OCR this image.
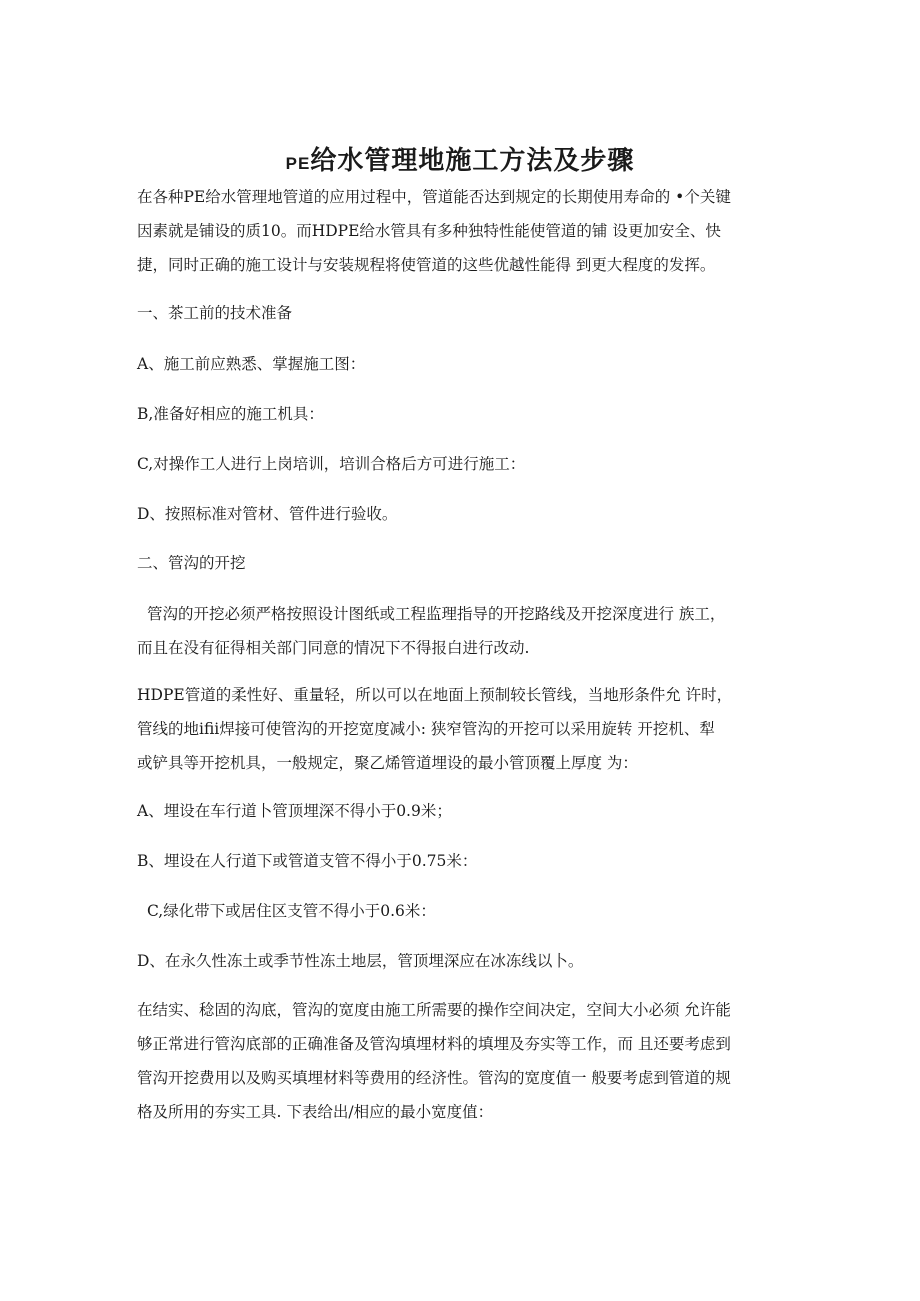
PE给水管理地施工方法及步骤

在各种PE给水管理地管道的应用过程中，管道能否达到规定的长期使用寿命的 •个关键
因素就是铺设的质10。而HDPE给水管具有多种独特性能使管道的铺 设更加安全、快
捷，同时正确的施工设计与安装规程将使管道的这些优越性能得 到更大程度的发挥。

一、茶工前的技术准备

A、施工前应熟悉、掌握施工图：

B,准备好相应的施工机具：

C,对操作工人进行上岗培训，培训合格后方可进行施工：

D、按照标准对管材、管件进行验收。

二、管沟的开挖

管沟的开挖必须严格按照设计图纸或工程监理指导的开挖路线及开挖深度进行 族工，
而且在没有征得相关部门同意的情况下不得报白进行改动.

HDPE管道的柔性好、重量轻，所以可以在地面上预制较长管线，当地形条件允 许时，
管线的地ifii焊接可使管沟的开挖宽度减小: 狭窄管沟的开挖可以采用旋转 开挖机、犁
或铲具等开挖机具，一般规定，聚乙烯管道埋设的最小管顶覆上厚度 为：

A、埋设在车行道卜管顶埋深不得小于0.9米；

B、埋设在人行道下或管道支管不得小于0.75米：

C,绿化带下或居住区支管不得小于0.6米：

D、在永久性冻土或季节性冻土地层，管顶埋深应在冰冻线以卜。

在结实、稔固的沟底，管沟的宽度由施工所需要的操作空间决定，空间大小必须 允许能
够正常进行管沟底部的正确准备及管沟填埋材料的填埋及夯实等工作，而 且还要考虑到
管沟开挖费用以及购买填埋材料等费用的经济性。管沟的宽度值一 般要考虑到管道的规
格及所用的夯实工具. 下表给出/相应的最小宽度值：
